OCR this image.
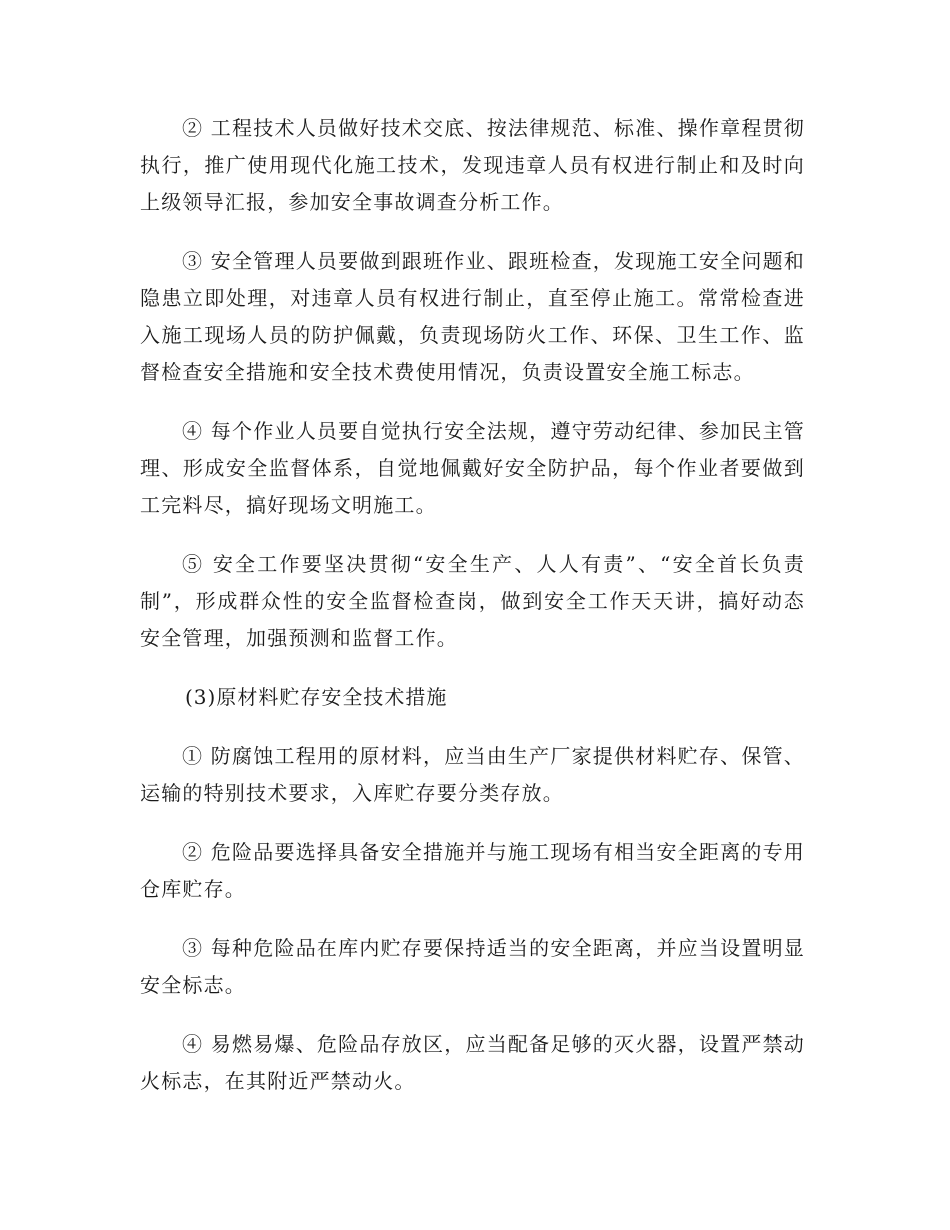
② 工程技术人员做好技术交底、按法律规范、标准、操作章程贯彻执行，推广使用现代化施工技术，发现违章人员有权进行制止和及时向上级领导汇报，参加安全事故调查分析工作。

③ 安全管理人员要做到跟班作业、跟班检查，发现施工安全问题和隐患立即处理，对违章人员有权进行制止，直至停止施工。常常检查进入施工现场人员的防护佩戴，负责现场防火工作、环保、卫生工作、监督检查安全措施和安全技术费使用情况，负责设置安全施工标志。

④ 每个作业人员要自觉执行安全法规，遵守劳动纪律、参加民主管理、形成安全监督体系，自觉地佩戴好安全防护品，每个作业者要做到工完料尽，搞好现场文明施工。

⑤ 安全工作要坚决贯彻“安全生产、人人有责”、“安全首长负责制”，形成群众性的安全监督检查岗，做到安全工作天天讲，搞好动态安全管理，加强预测和监督工作。

(3)原材料贮存安全技术措施

① 防腐蚀工程用的原材料，应当由生产厂家提供材料贮存、保管、运输的特别技术要求，入库贮存要分类存放。

② 危险品要选择具备安全措施并与施工现场有相当安全距离的专用仓库贮存。

③ 每种危险品在库内贮存要保持适当的安全距离，并应当设置明显安全标志。

④ 易燃易爆、危险品存放区，应当配备足够的灭火器，设置严禁动火标志，在其附近严禁动火。
